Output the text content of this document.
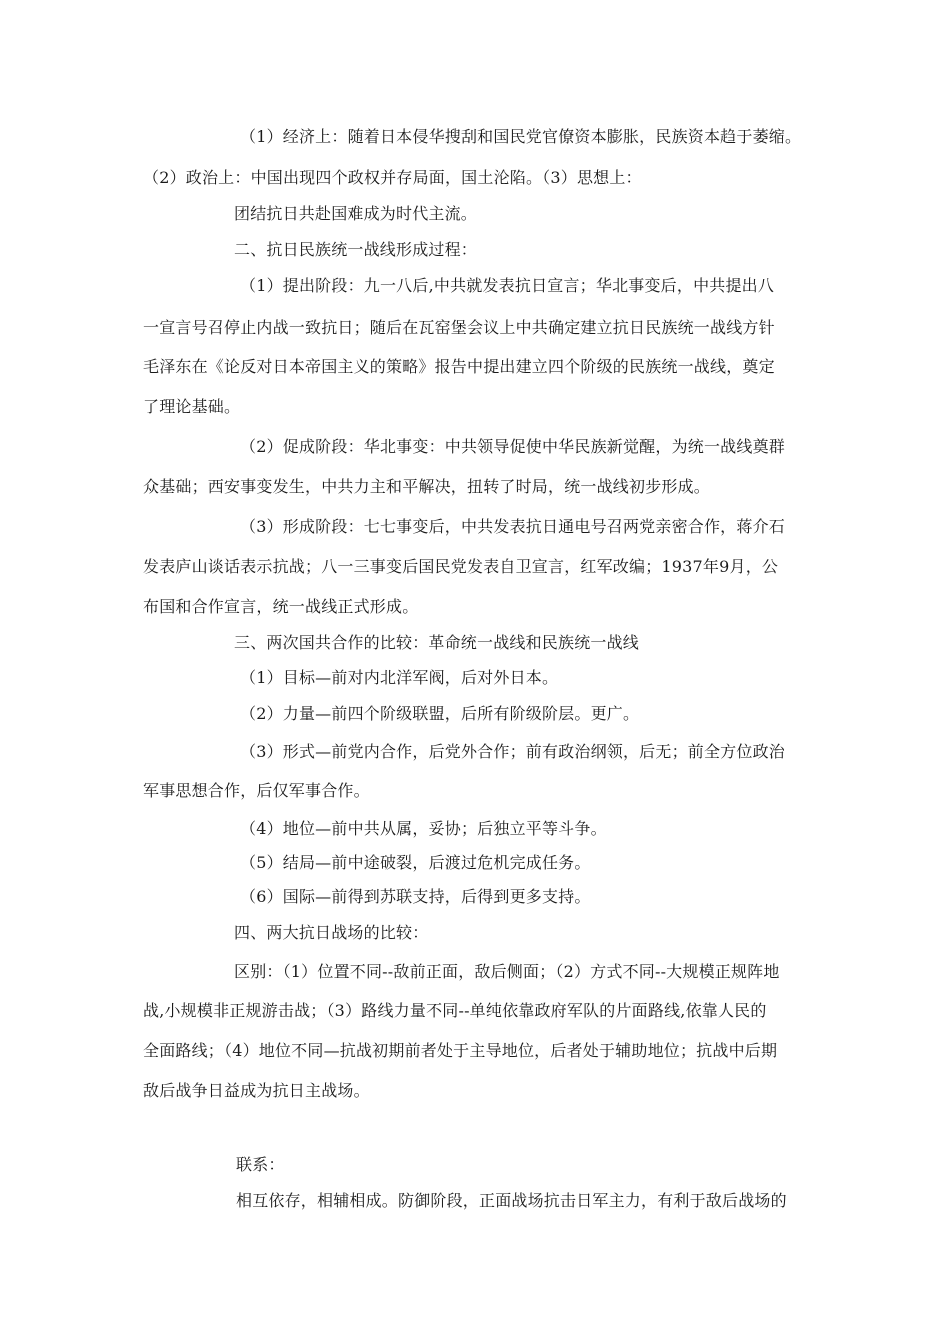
（1）经济上：随着日本侵华搜刮和国民党官僚资本膨胀，民族资本趋于萎缩。
（2）政治上：中国出现四个政权并存局面，国土沦陷。（3）思想上：
团结抗日共赴国难成为时代主流。
二、抗日民族统一战线形成过程：
（1）提出阶段：九一八后,中共就发表抗日宣言；华北事变后，中共提出八
一宣言号召停止内战一致抗日；随后在瓦窑堡会议上中共确定建立抗日民族统一战线方针
毛泽东在《论反对日本帝国主义的策略》报告中提出建立四个阶级的民族统一战线，奠定
了理论基础。
（2）促成阶段：华北事变：中共领导促使中华民族新觉醒，为统一战线奠群
众基础；西安事变发生，中共力主和平解决，扭转了时局，统一战线初步形成。
（3）形成阶段：七七事变后，中共发表抗日通电号召两党亲密合作，蒋介石
发表庐山谈话表示抗战；八一三事变后国民党发表自卫宣言，红军改编；1937年9月，公
布国和合作宣言，统一战线正式形成。
三、两次国共合作的比较：革命统一战线和民族统一战线
（1）目标—前对内北洋军阀，后对外日本。
（2）力量—前四个阶级联盟，后所有阶级阶层。更广。
（3）形式—前党内合作，后党外合作；前有政治纲领，后无；前全方位政治
军事思想合作，后仅军事合作。
（4）地位—前中共从属，妥协；后独立平等斗争。
（5）结局—前中途破裂，后渡过危机完成任务。
（6）国际—前得到苏联支持，后得到更多支持。
四、两大抗日战场的比较：
区别：（1）位置不同--敌前正面，敌后侧面；（2）方式不同--大规模正规阵地
战,小规模非正规游击战；（3）路线力量不同--单纯依靠政府军队的片面路线,依靠人民的
全面路线；（4）地位不同—抗战初期前者处于主导地位，后者处于辅助地位；抗战中后期
敌后战争日益成为抗日主战场。
联系：
相互依存，相辅相成。防御阶段，正面战场抗击日军主力，有利于敌后战场的
